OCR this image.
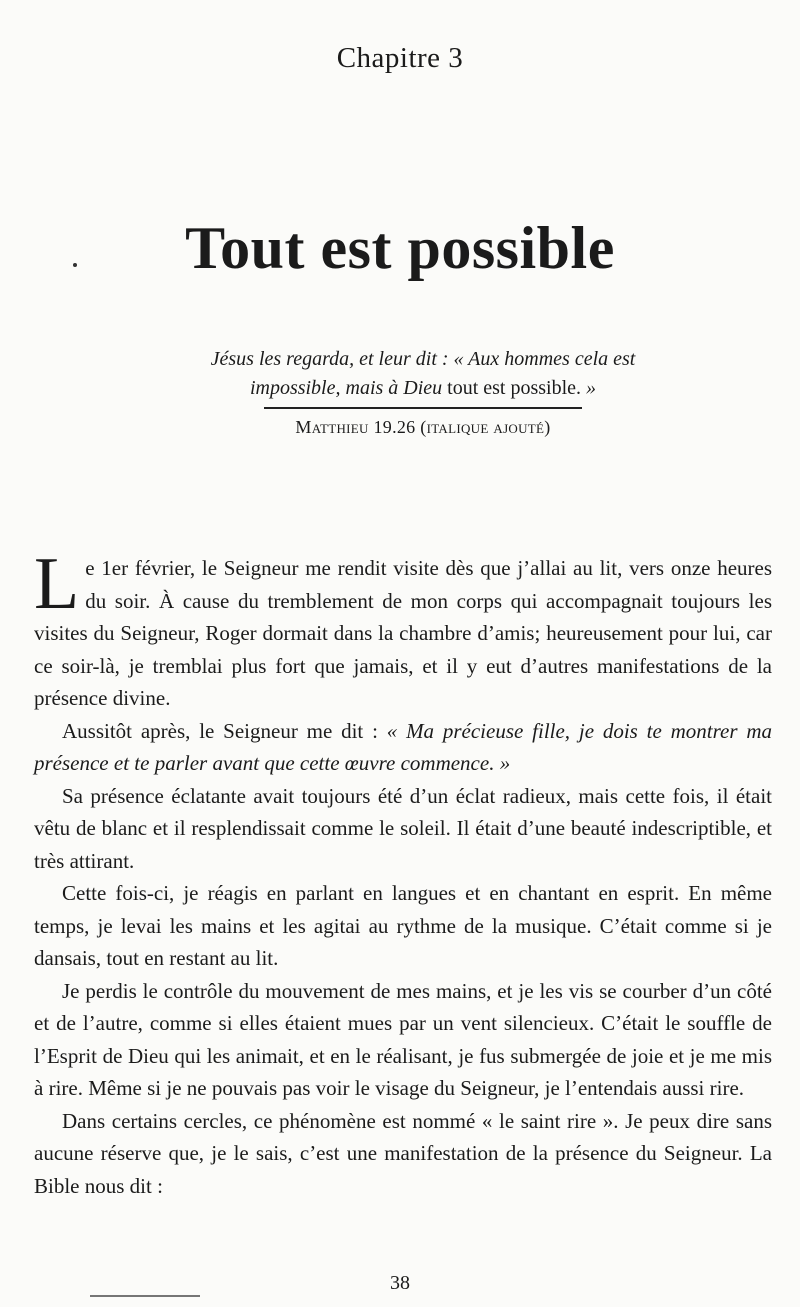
Chapitre 3
Tout est possible
Jésus les regarda, et leur dit : « Aux hommes cela est impossible, mais à Dieu tout est possible. »
Matthieu 19.26 (italique ajouté)

Le 1er février, le Seigneur me rendit visite dès que j’allai au lit, vers onze heures du soir. À cause du tremblement de mon corps qui accompagnait toujours les visites du Seigneur, Roger dormait dans la chambre d’amis; heureusement pour lui, car ce soir-là, je tremblai plus fort que jamais, et il y eut d’autres manifestations de la présence divine.

Aussitôt après, le Seigneur me dit : « Ma précieuse fille, je dois te montrer ma présence et te parler avant que cette œuvre commence. »

Sa présence éclatante avait toujours été d’un éclat radieux, mais cette fois, il était vêtu de blanc et il resplendissait comme le soleil. Il était d’une beauté indescriptible, et très attirant.

Cette fois-ci, je réagis en parlant en langues et en chantant en esprit. En même temps, je levai les mains et les agitai au rythme de la musique. C’était comme si je dansais, tout en restant au lit.

Je perdis le contrôle du mouvement de mes mains, et je les vis se courber d’un côté et de l’autre, comme si elles étaient mues par un vent silencieux. C’était le souffle de l’Esprit de Dieu qui les animait, et en le réalisant, je fus submergée de joie et je me mis à rire. Même si je ne pouvais pas voir le visage du Seigneur, je l’entendais aussi rire.

Dans certains cercles, ce phénomène est nommé « le saint rire ». Je peux dire sans aucune réserve que, je le sais, c’est une manifestation de la présence du Seigneur. La Bible nous dit :

38
